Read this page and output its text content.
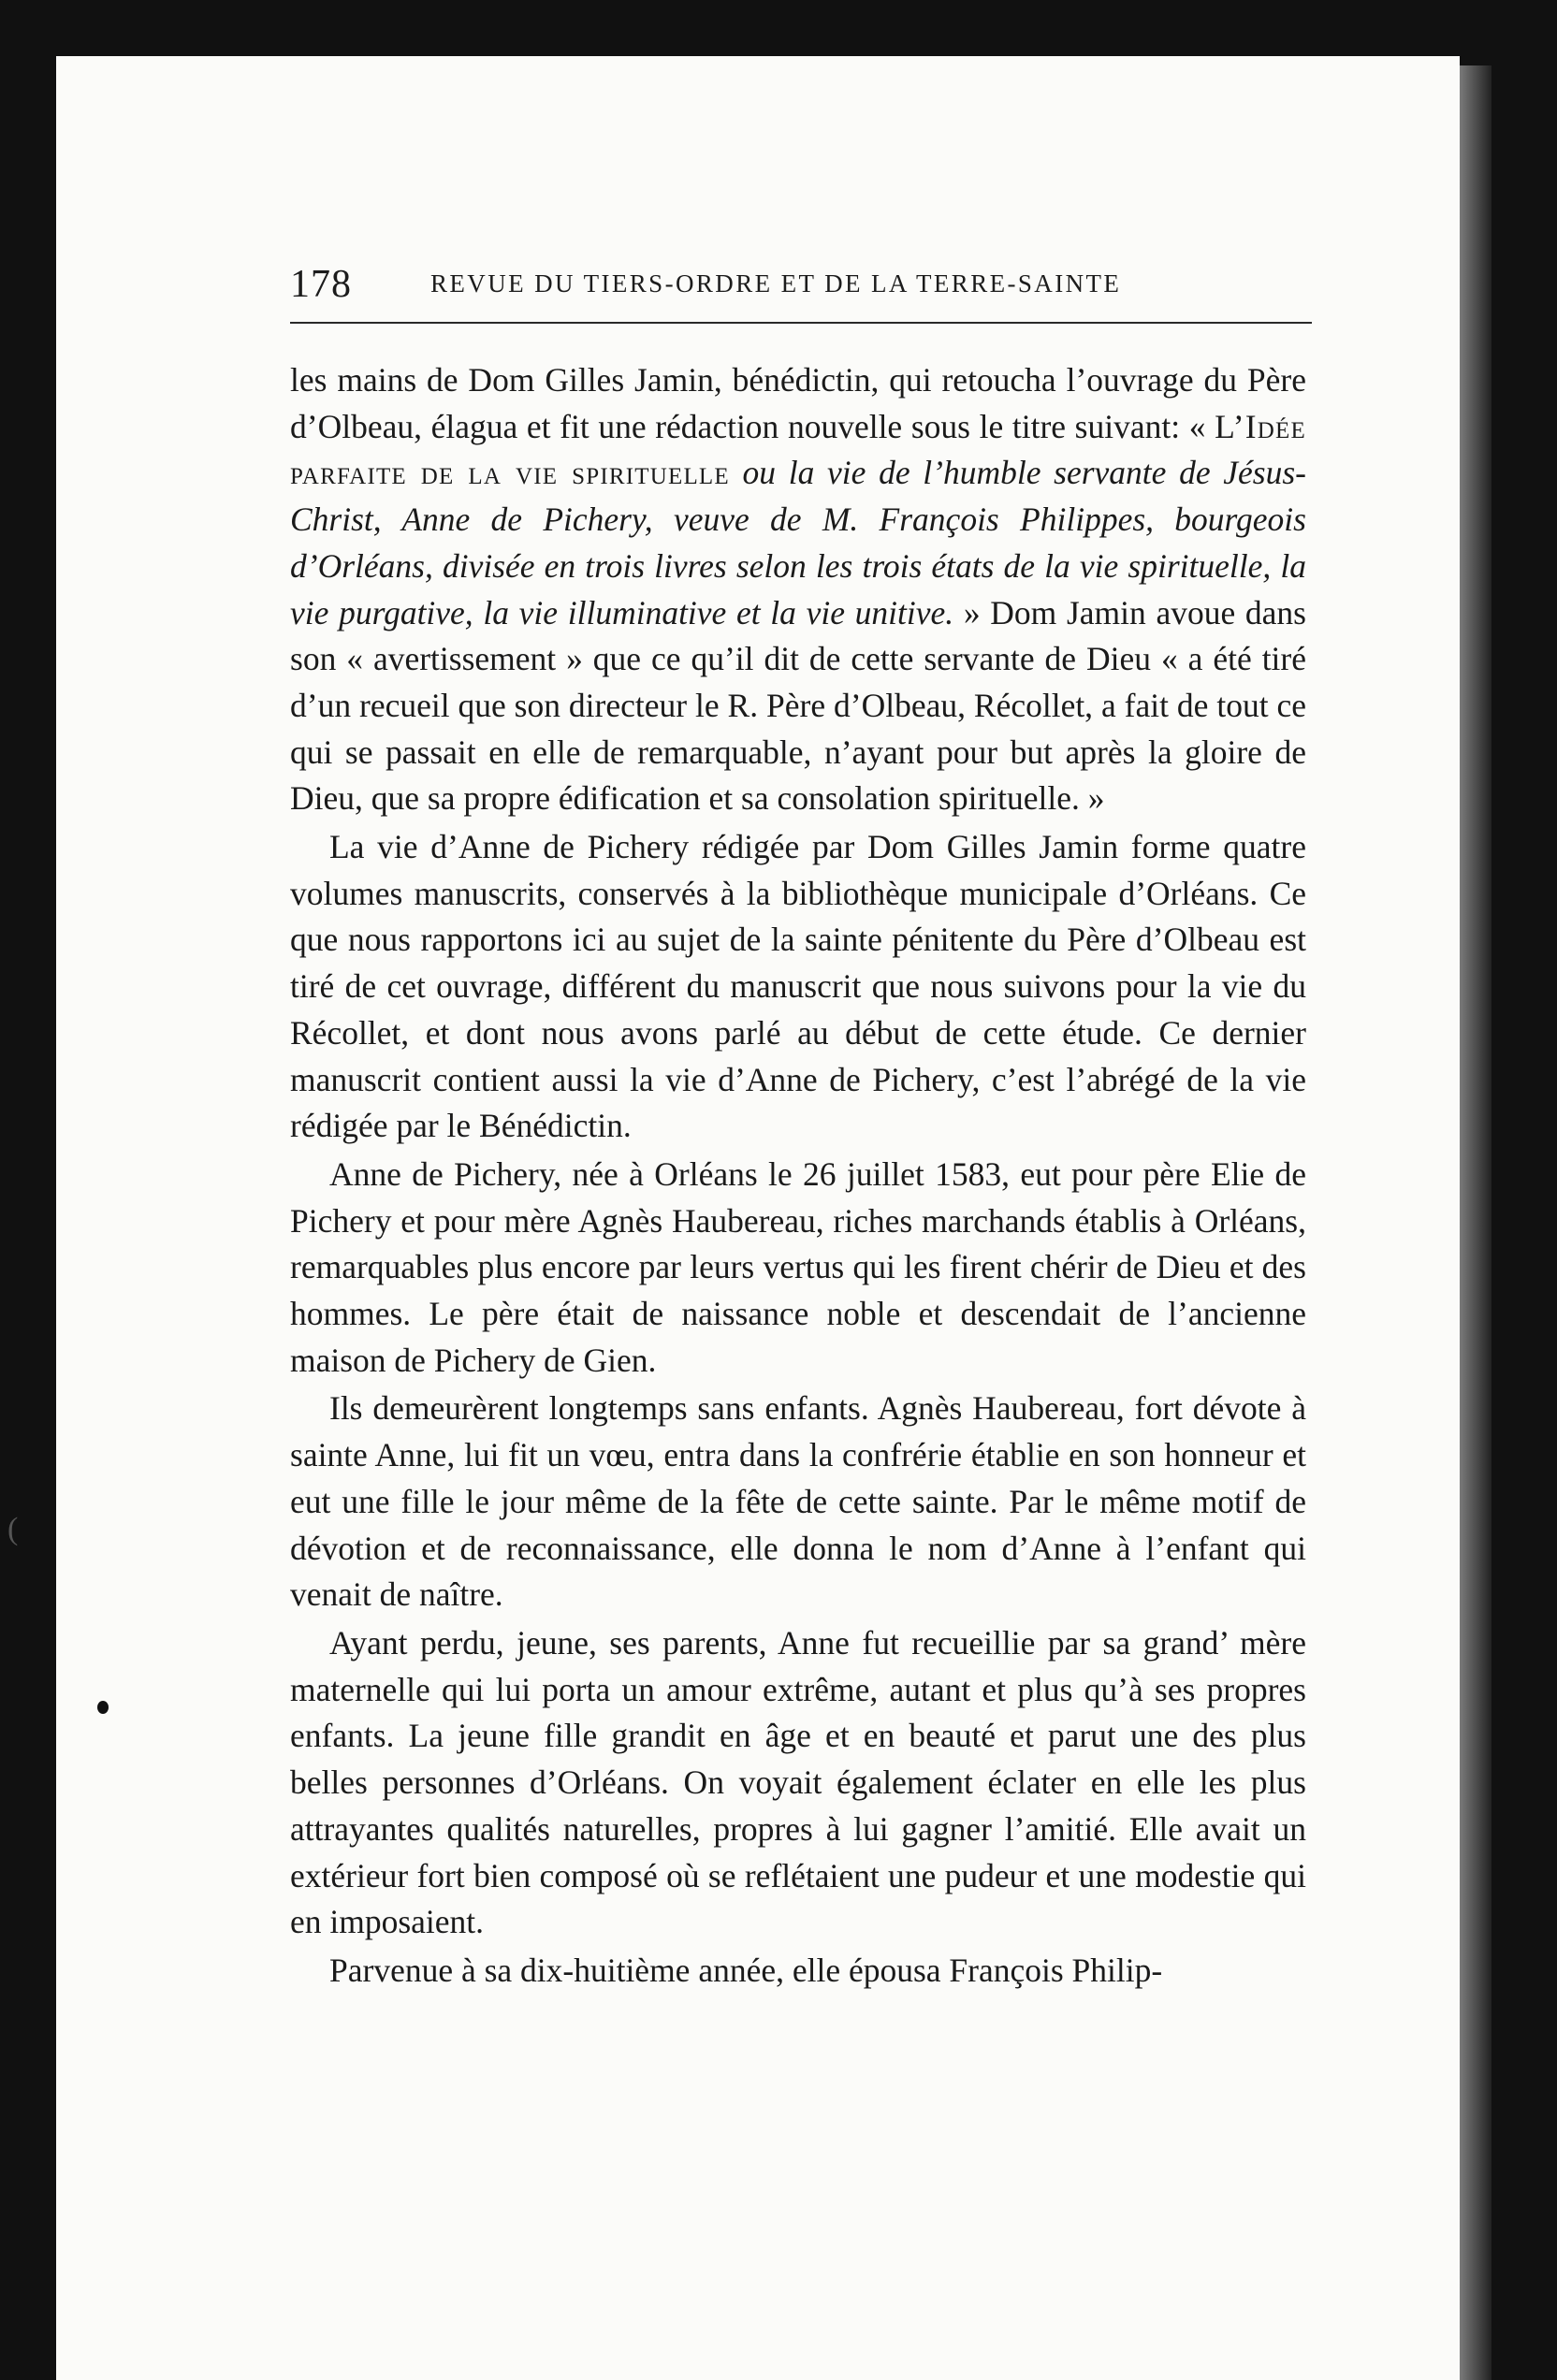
178	REVUE DU TIERS-ORDRE ET DE LA TERRE-SAINTE

les mains de Dom Gilles Jamin, bénédictin, qui retoucha l’ouvrage du Père d’Olbeau, élagua et fit une rédaction nouvelle sous le titre suivant: « L’Idée parfaite de la vie spirituelle ou la vie de l’humble servante de Jésus-Christ, Anne de Pichery, veuve de M. François Philippes, bourgeois d’Orléans, divisée en trois livres selon les trois états de la vie spirituelle, la vie purgative, la vie illuminative et la vie unitive. » Dom Jamin avoue dans son « avertissement » que ce qu’il dit de cette servante de Dieu « a été tiré d’un recueil que son directeur le R. Père d’Olbeau, Récollet, a fait de tout ce qui se passait en elle de remarquable, n’ayant pour but après la gloire de Dieu, que sa propre édification et sa consolation spirituelle. »

La vie d’Anne de Pichery rédigée par Dom Gilles Jamin forme quatre volumes manuscrits, conservés à la bibliothèque municipale d’Orléans. Ce que nous rapportons ici au sujet de la sainte pénitente du Père d’Olbeau est tiré de cet ouvrage, différent du manuscrit que nous suivons pour la vie du Récollet, et dont nous avons parlé au début de cette étude. Ce dernier manuscrit contient aussi la vie d’Anne de Pichery, c’est l’abrégé de la vie rédigée par le Bénédictin.

Anne de Pichery, née à Orléans le 26 juillet 1583, eut pour père Elie de Pichery et pour mère Agnès Haubereau, riches marchands établis à Orléans, remarquables plus encore par leurs vertus qui les firent chérir de Dieu et des hommes. Le père était de naissance noble et descendait de l’ancienne maison de Pichery de Gien.

Ils demeurèrent longtemps sans enfants. Agnès Haubereau, fort dévote à sainte Anne, lui fit un vœu, entra dans la confrérie établie en son honneur et eut une fille le jour même de la fête de cette sainte. Par le même motif de dévotion et de reconnaissance, elle donna le nom d’Anne à l’enfant qui venait de naître.

Ayant perdu, jeune, ses parents, Anne fut recueillie par sa grand’ mère maternelle qui lui porta un amour extrême, autant et plus qu’à ses propres enfants. La jeune fille grandit en âge et en beauté et parut une des plus belles personnes d’Orléans. On voyait également éclater en elle les plus attrayantes qualités naturelles, propres à lui gagner l’amitié. Elle avait un extérieur fort bien composé où se reflétaient une pudeur et une modestie qui en imposaient.

Parvenue à sa dix-huitième année, elle épousa François Philip-

(
